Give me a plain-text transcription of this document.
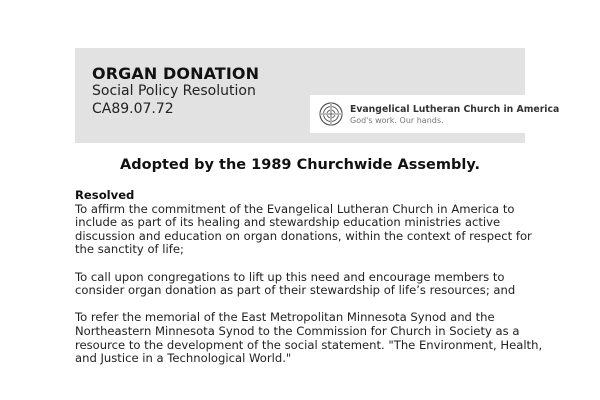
ORGAN DONATION
Social Policy Resolution
CA89.07.72	Evangelical Lutheran Church in America
God's work. Our hands.
Adopted by the 1989 Churchwide Assembly.
Resolved

To affirm the commitment of the Evangelical Lutheran Church in America to include as part of its healing and stewardship education ministries active discussion and education on organ donations, within the context of respect for the sanctity of life;

To call upon congregations to lift up this need and encourage members to consider organ donation as part of their stewardship of life’s resources; and

To refer the memorial of the East Metropolitan Minnesota Synod and the Northeastern Minnesota Synod to the Commission for Church in Society as a resource to the development of the social statement. "The Environment, Health, and Justice in a Technological World."
